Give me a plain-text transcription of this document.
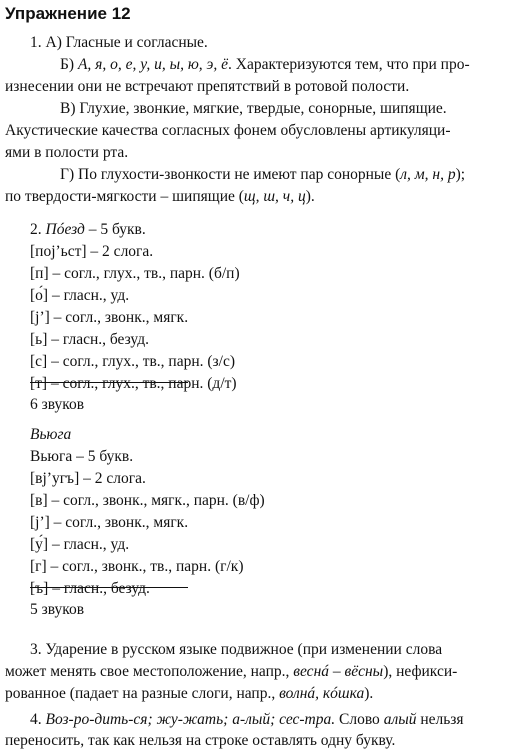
Упражнение 12
1. А) Гласные и согласные.
Б) А, я, о, е, у, и, ы, ю, э, ё. Характеризуются тем, что при про-
изнесении они не встречают препятствий в ротовой полости.
В) Глухие, звонкие, мягкие, твердые, сонорные, шипящие.
Акустические качества согласных фонем обусловлены артикуляци-
ями в полости рта.
Г) По глухости-звонкости не имеют пар сонорные (л, м, н, р);
по твердости-мягкости – шипящие (щ, ш, ч, ц).
2. Пóезд – 5 букв.
[поj’ьст] – 2 слога.
[п] – согл., глух., тв., парн. (б/п)
[о́] – гласн., уд.
[j’] – согл., звонк., мягк.
[ь] – гласн., безуд.
[с] – согл., глух., тв., парн. (з/с)
[т] – согл., глух., тв., парн. (д/т)
6 звуков
Вьюга
Вьюга – 5 букв.
[вj’угъ] – 2 слога.
[в] – согл., звонк., мягк., парн. (в/ф)
[j’] – согл., звонк., мягк.
[у́] – гласн., уд.
[г] – согл., звонк., тв., парн. (г/к)
[ъ] – гласн., безуд.
5 звуков
3. Ударение в русском языке подвижное (при изменении слова
может менять свое местоположение, напр., веснá – вёсны), нефикси-
рованное (падает на разные слоги, напр., волнá, кóшка).
4. Воз-ро-дить-ся; жу-жать; а-лый; сес-тра. Слово алый нельзя
переносить, так как нельзя на строке оставлять одну букву.
